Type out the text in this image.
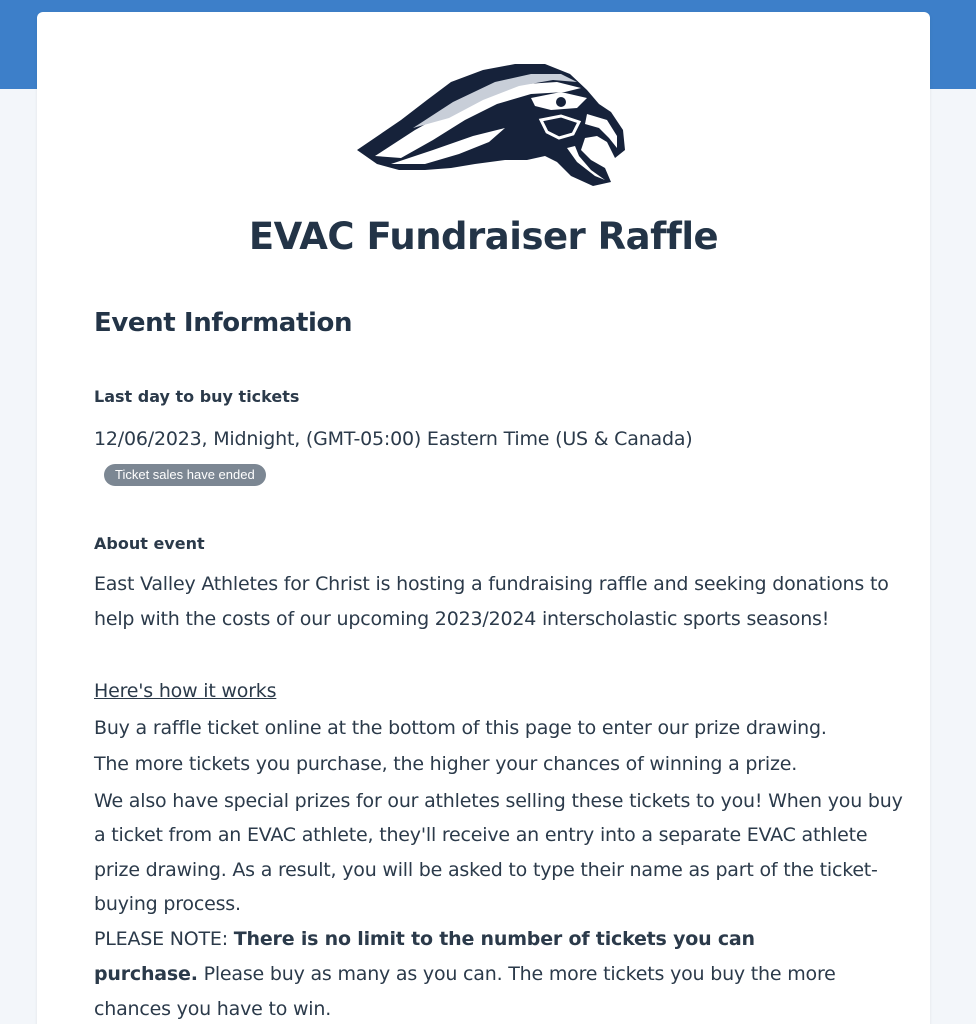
EVAC Fundraiser Raffle
Event Information
Last day to buy tickets

12/06/2023, Midnight, (GMT-05:00) Eastern Time (US & Canada)Ticket sales have ended

About event

East Valley Athletes for Christ is hosting a fundraising raffle and seeking donations to help with the costs of our upcoming 2023/2024 interscholastic sports seasons!

Here's how it works

Buy a raffle ticket online at the bottom of this page to enter our prize drawing.

The more tickets you purchase, the higher your chances of winning a prize.

We also have special prizes for our athletes selling these tickets to you! When you buy a ticket from an EVAC athlete, they'll receive an entry into a separate EVAC athlete prize drawing. As a result, you will be asked to type their name as part of the ticket-buying process.

PLEASE NOTE: There is no limit to the number of tickets you can purchase. Please buy as many as you can. The more tickets you buy the more chances you have to win.
